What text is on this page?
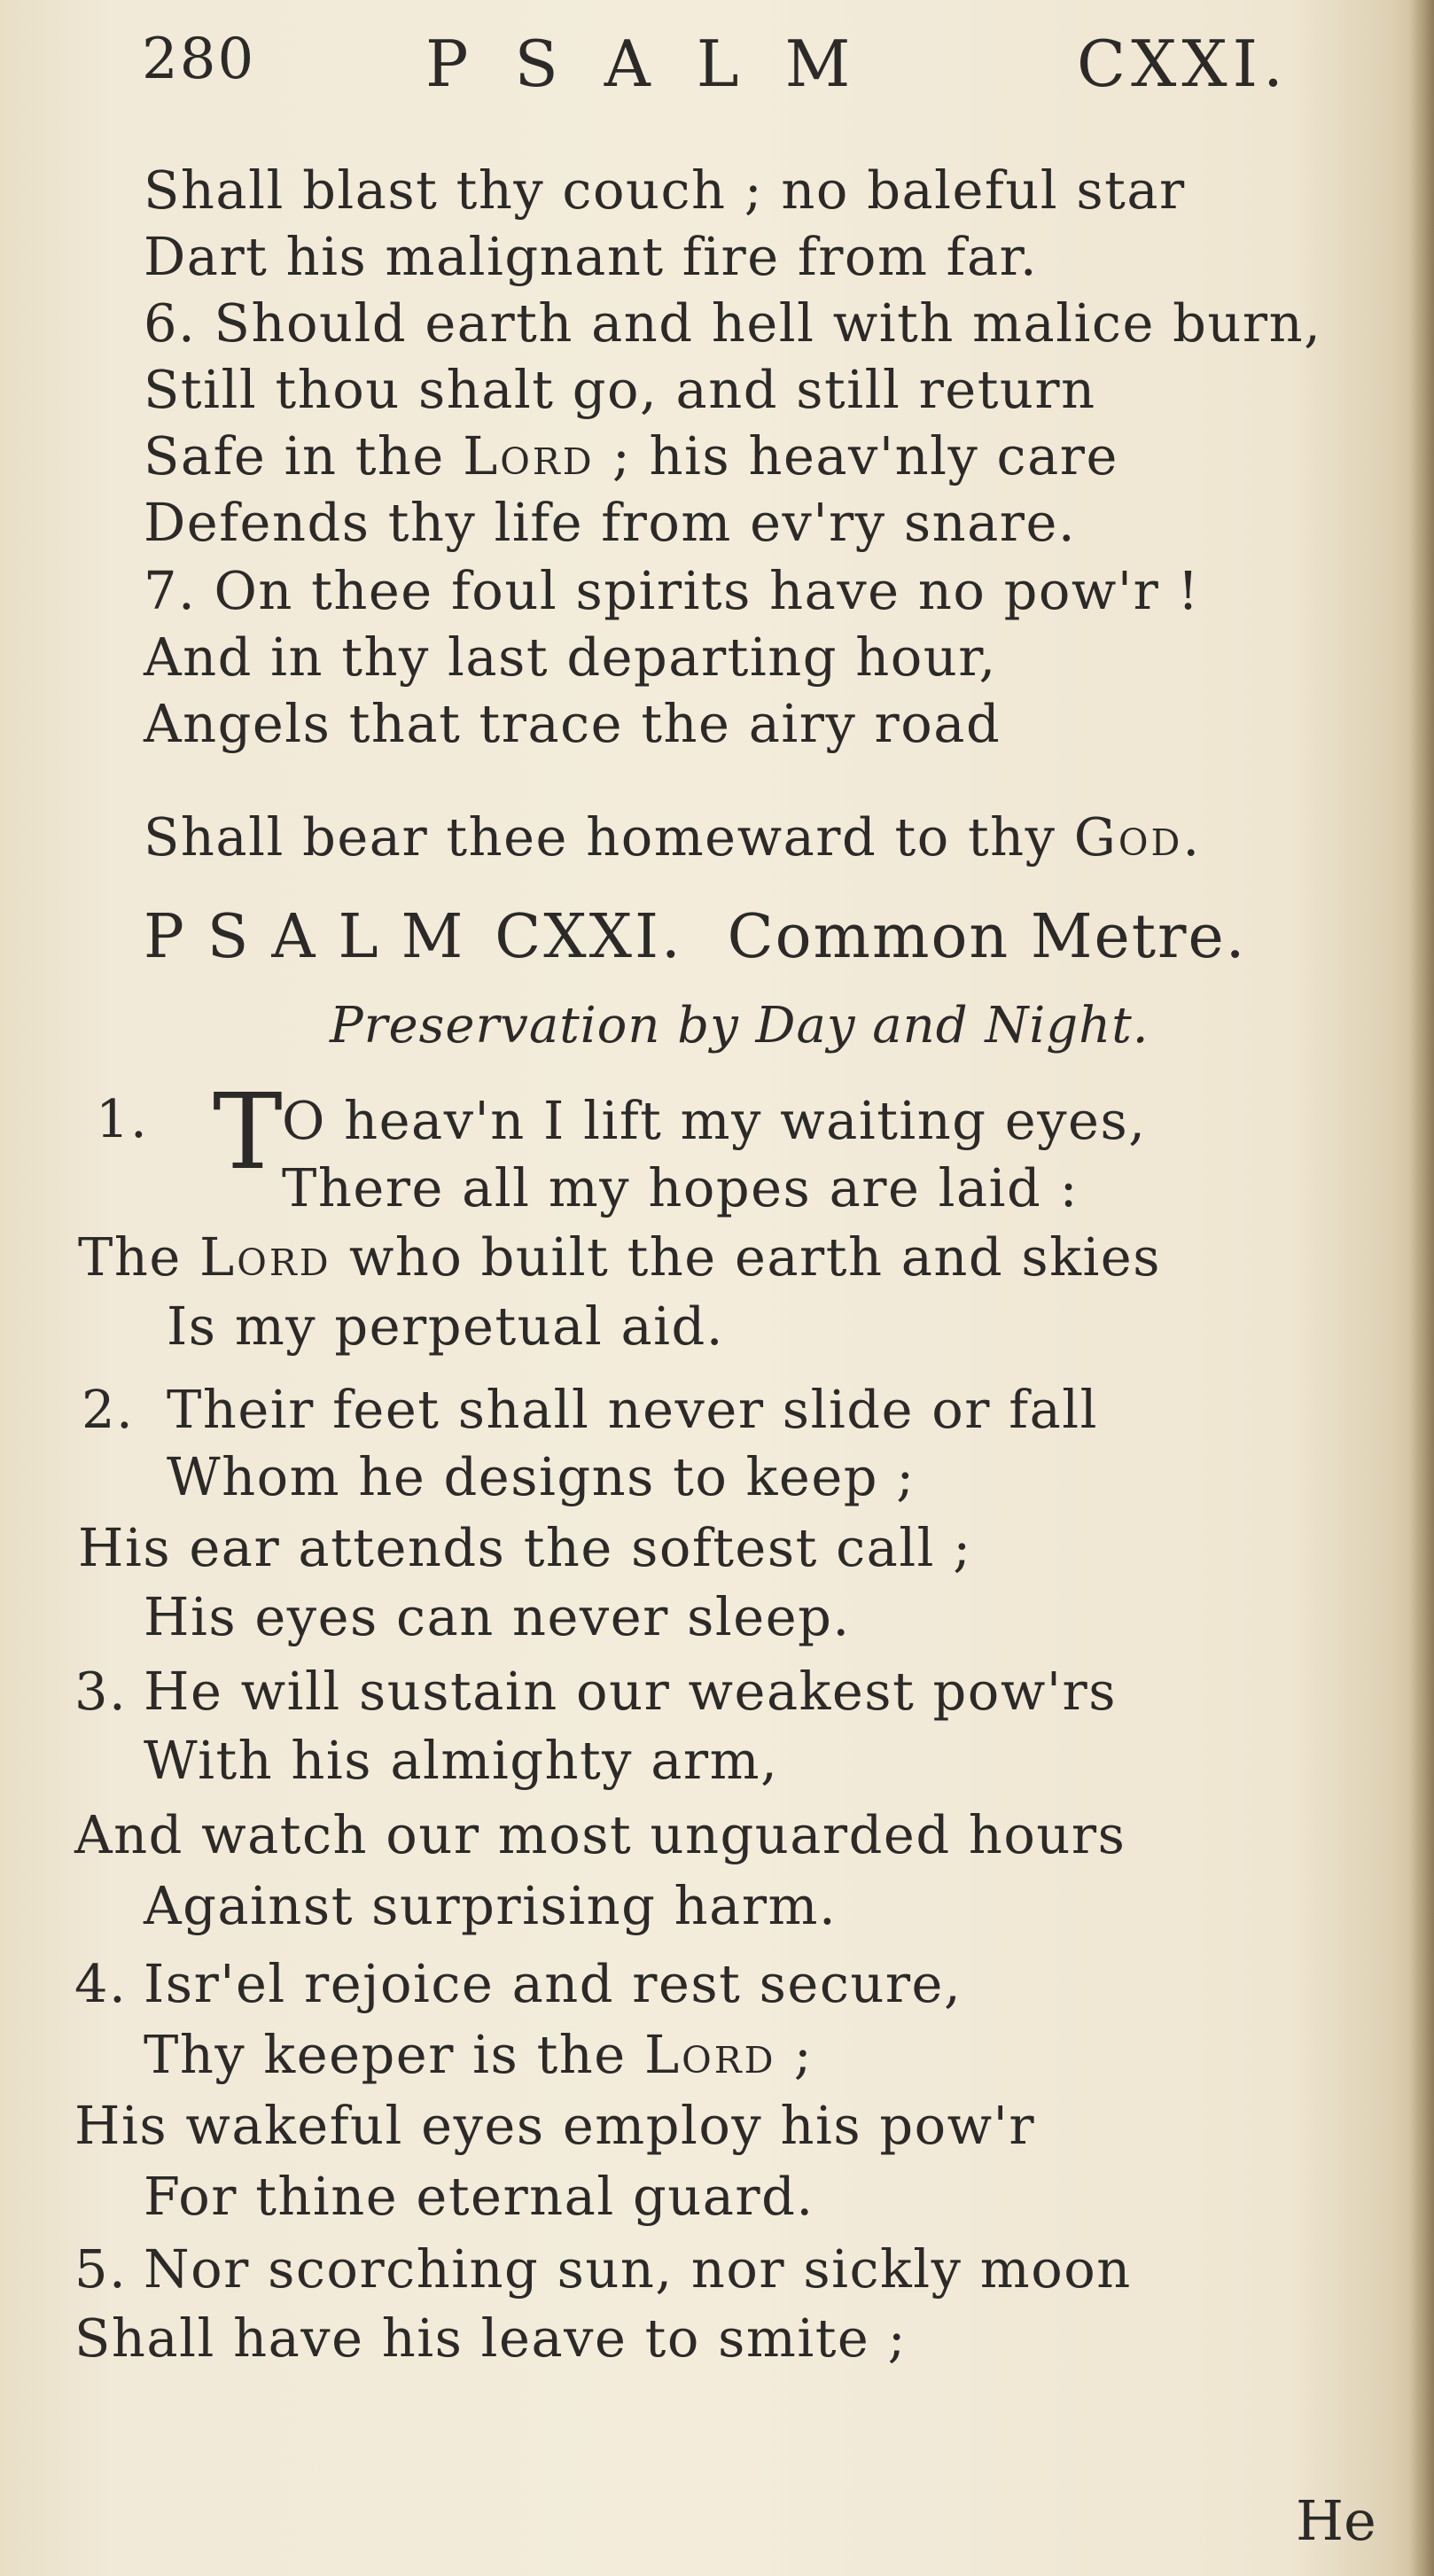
280	PSALM	CXXI.
Shall blast thy couch ; no baleful star
Dart his malignant fire from far.
6. Should earth and hell with malice burn,
Still thou shalt go, and still return
Safe in the Lord ; his heav'nly care
Defends thy life from ev'ry snare.
7. On thee foul spirits have no pow'r !
And in thy last departing hour,
Angels that trace the airy road
Shall bear thee homeward to thy God.
PSALM CXXI. Common Metre.
Preservation by Day and Night.
1. T O heav'n I lift my waiting eyes,
There all my hopes are laid :
The Lord who built the earth and skies
Is my perpetual aid.
2. Their feet shall never slide or fall
Whom he designs to keep ;
His ear attends the softest call ;
His eyes can never sleep.
3. He will sustain our weakest pow'rs
With his almighty arm,
And watch our most unguarded hours
Against surprising harm.
4. Isr'el rejoice and rest secure,
Thy keeper is the Lord ;
His wakeful eyes employ his pow'r
For thine eternal guard.
5. Nor scorching sun, nor sickly moon
Shall have his leave to smite ;
He
